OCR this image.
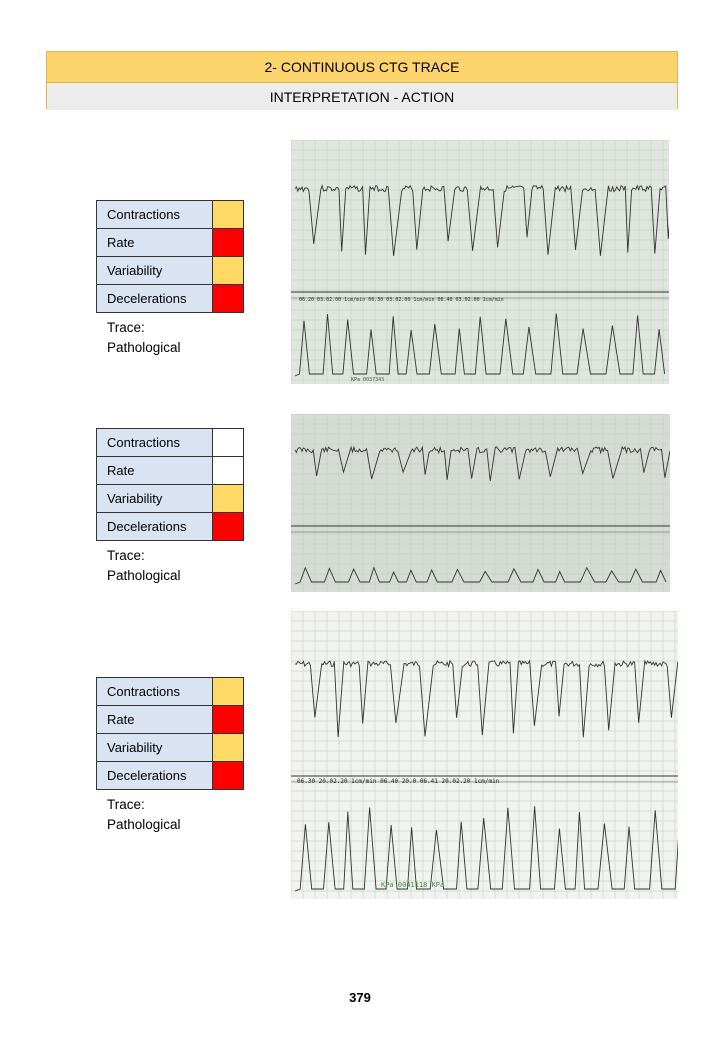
2- CONTINUOUS CTG TRACE
INTERPRETATION - ACTION
Contractions	
Rate	
Variability	
Decelerations	
Trace:
Pathological
Contractions	
Rate	
Variability	
Decelerations	
Trace:
Pathological
Contractions	
Rate	
Variability	
Decelerations	
Trace:
Pathological
06.20 03.02.00 1cm/min 06.30 03.02.00 1cm/min 06.40 03.02.00 1cm/min
KPa 0037343
06.30 20.02.20 1cm/min 06.40 20.0 06.41 20.02.20 1cm/min
KPa 0041118 KPa
379
